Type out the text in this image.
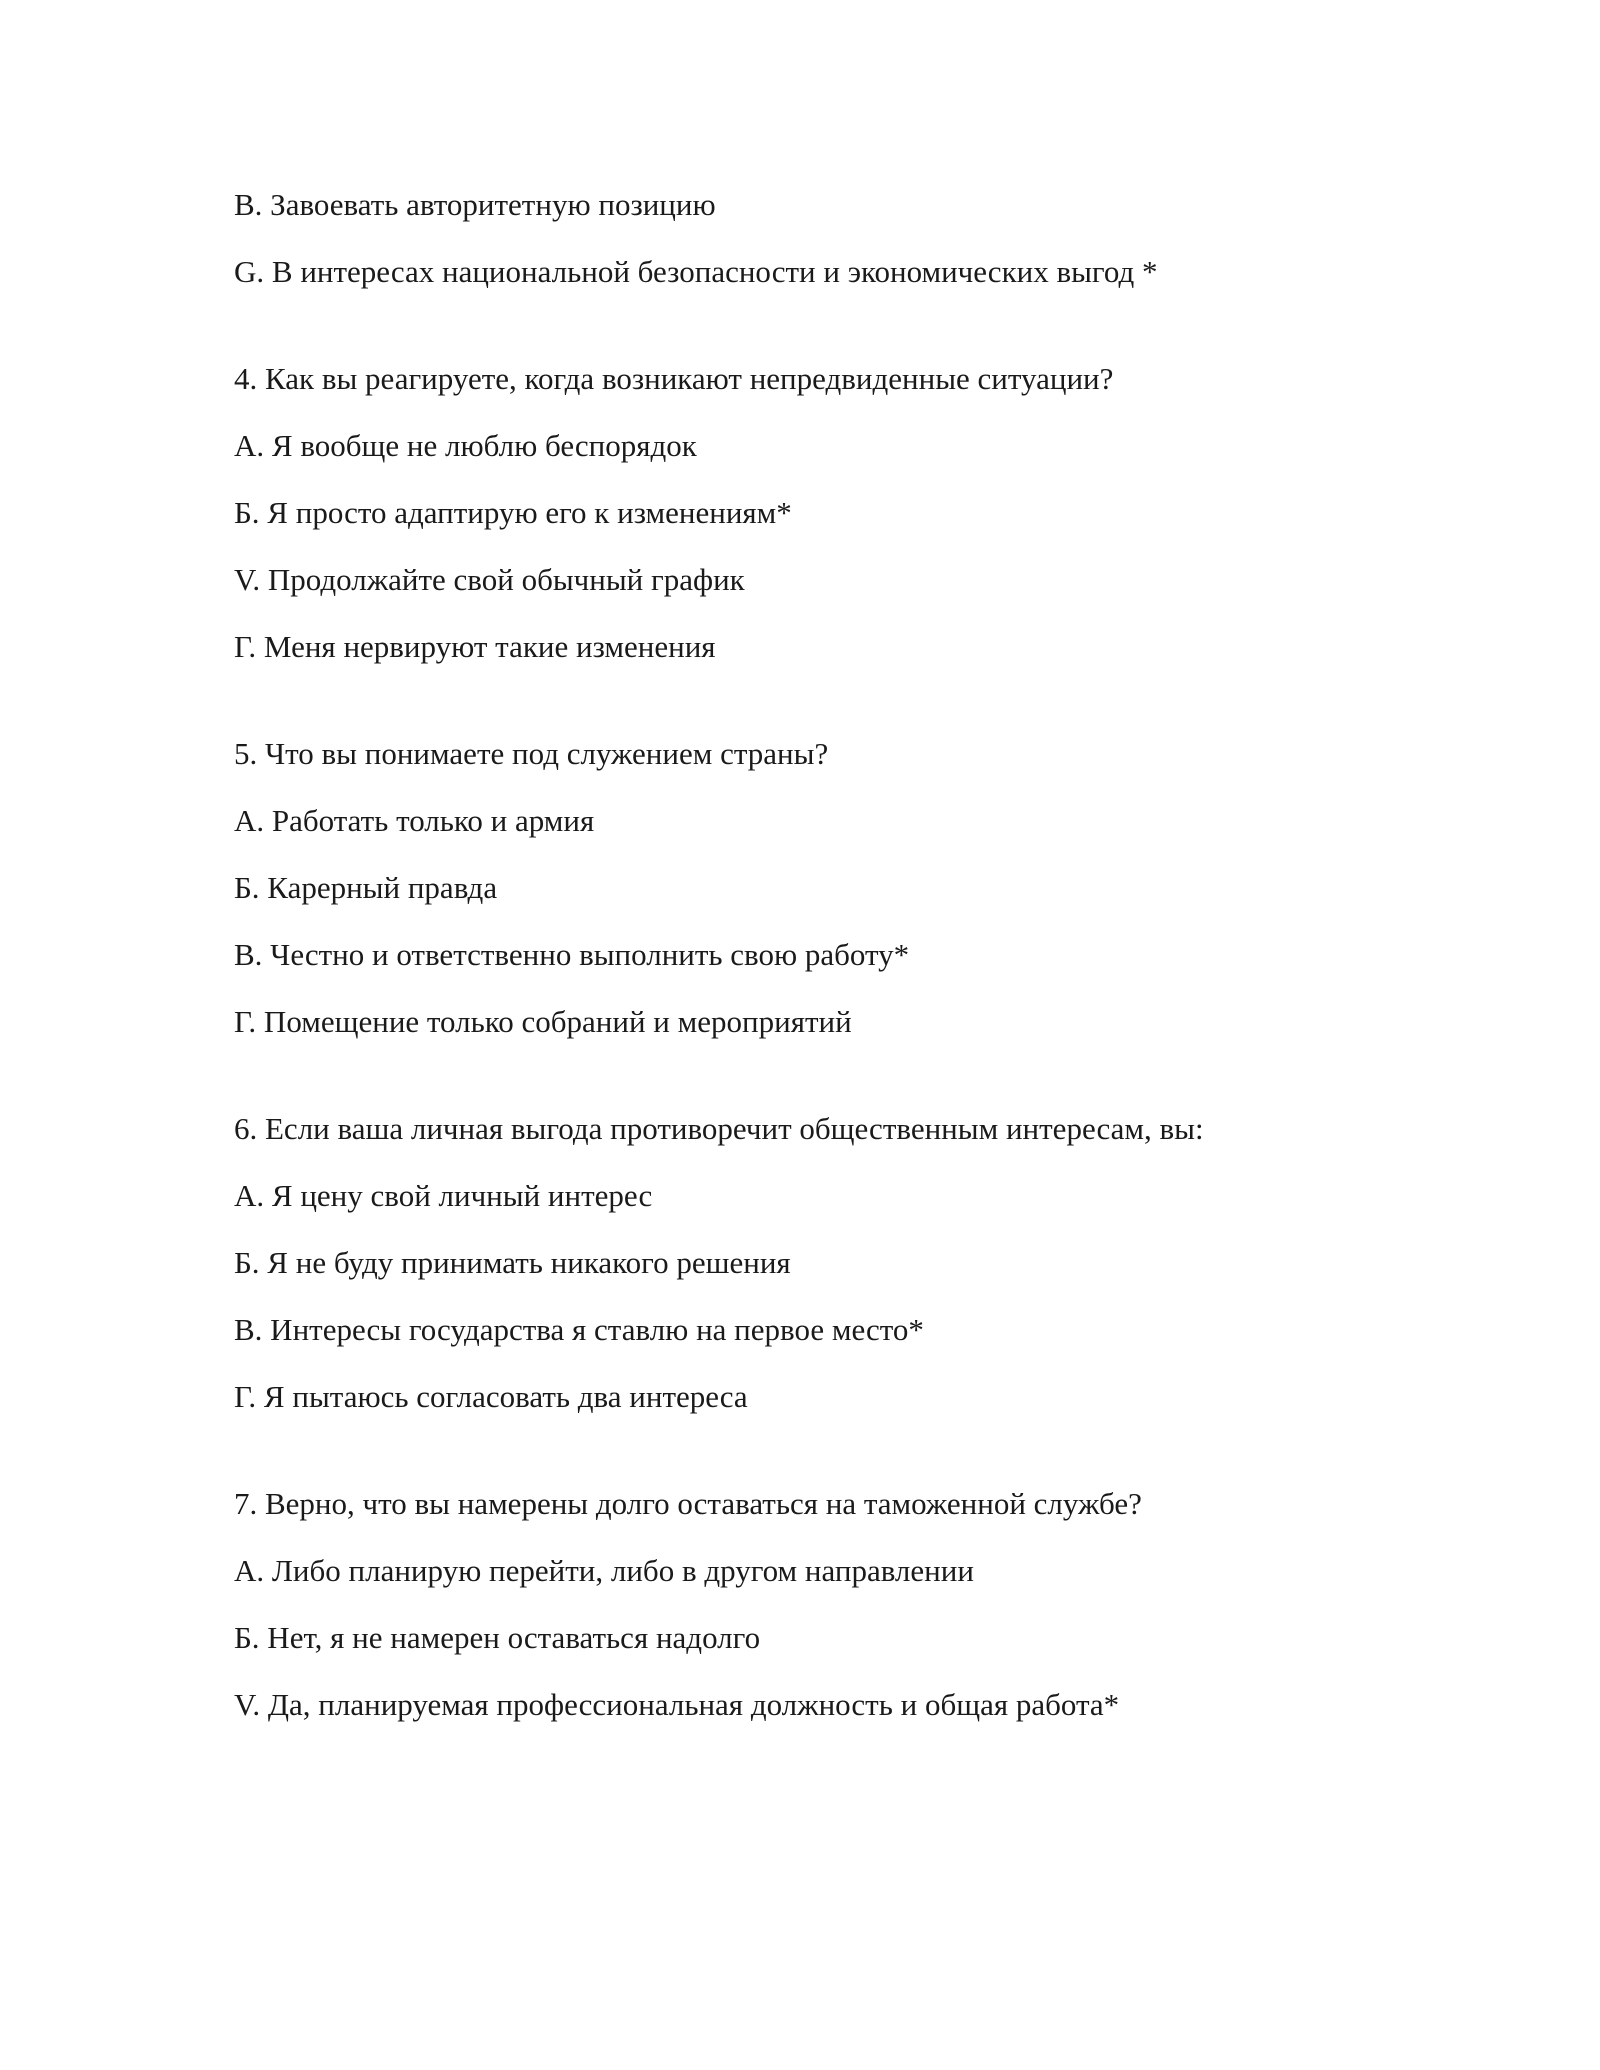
B. Завоевать авторитетную позицию

G. В интересах национальной безопасности и экономических выгод *

4. Как вы реагируете, когда возникают непредвиденные ситуации?

А. Я вообще не люблю беспорядок

Б. Я просто адаптирую его к изменениям*

V. Продолжайте свой обычный график

Г. Меня нервируют такие изменения

5. Что вы понимаете под служением страны?

А. Работать только и армия

Б. Карерный правда

В. Честно и ответственно выполнить свою работу*

Г. Помещение только собраний и мероприятий

6. Если ваша личная выгода противоречит общественным интересам, вы:

А. Я цену свой личный интерес

Б. Я не буду принимать никакого решения

В. Интересы государства я ставлю на первое место*

Г. Я пытаюсь согласовать два интереса

7. Верно, что вы намерены долго оставаться на таможенной службе?

А. Либо планирую перейти, либо в другом направлении

Б. Нет, я не намерен оставаться надолго

V. Да, планируемая профессиональная должность и общая работа*
